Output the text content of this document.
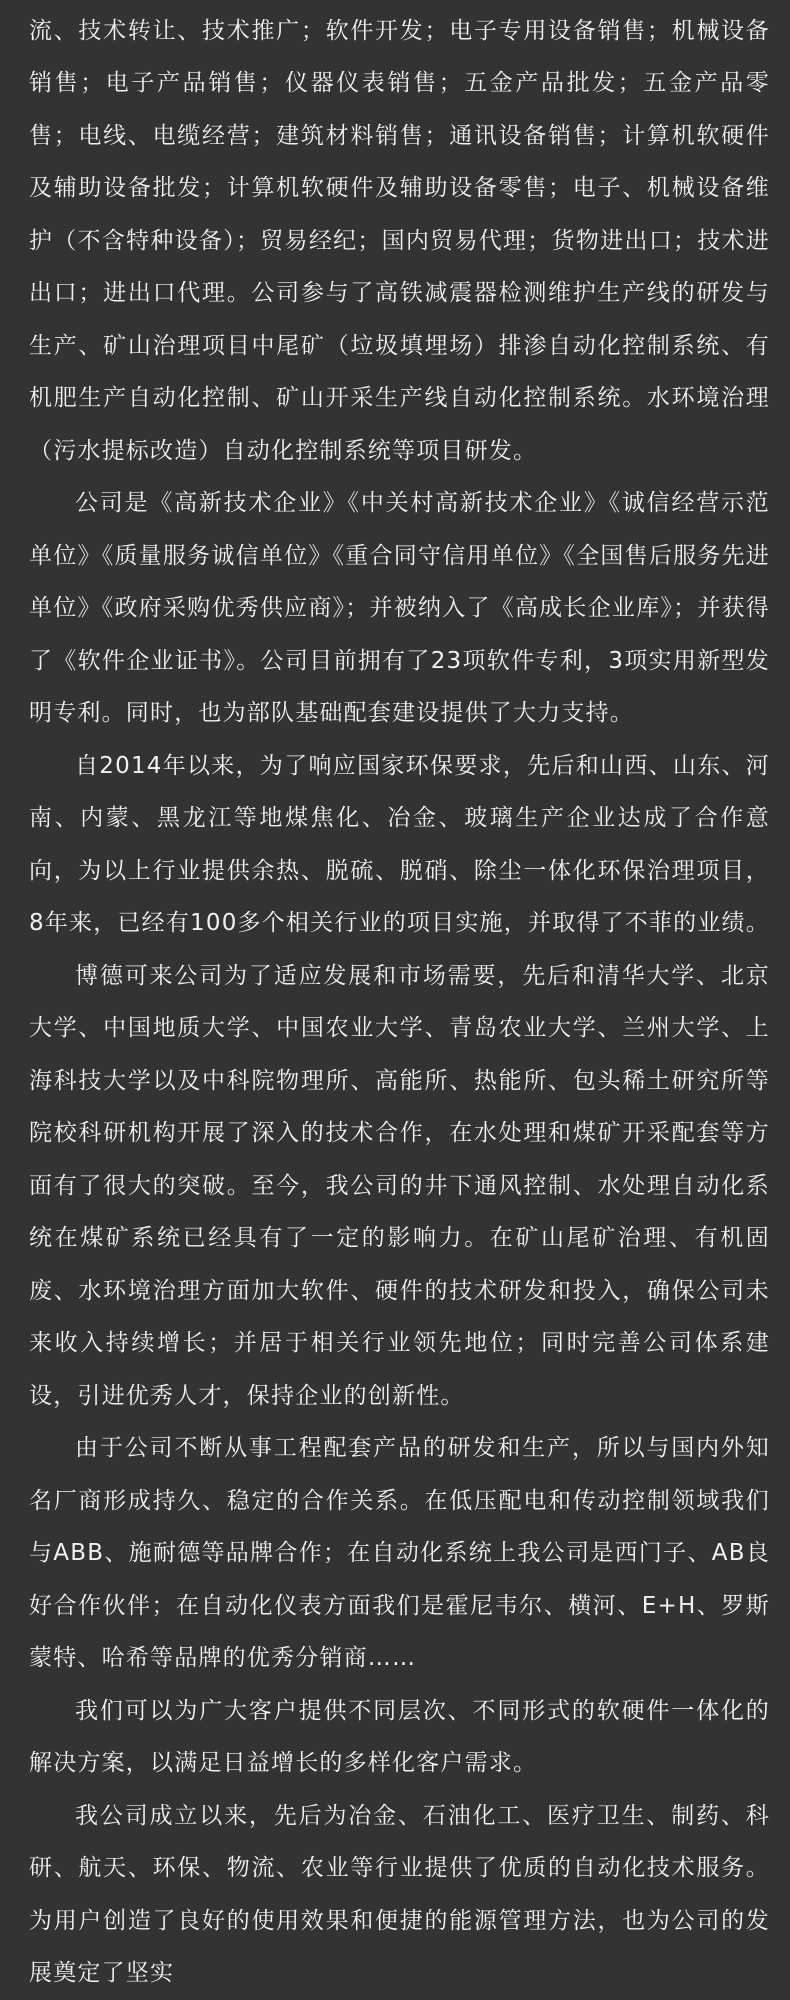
流、技术转让、技术推广；软件开发；电子专用设备销售；机械设备销售；电子产品销售；仪器仪表销售；五金产品批发；五金产品零售；电线、电缆经营；建筑材料销售；通讯设备销售；计算机软硬件及辅助设备批发；计算机软硬件及辅助设备零售；电子、机械设备维护（不含特种设备）；贸易经纪；国内贸易代理；货物进出口；技术进出口；进出口代理。公司参与了高铁减震器检测维护生产线的研发与生产、矿山治理项目中尾矿（垃圾填埋场）排渗自动化控制系统、有机肥生产自动化控制、矿山开采生产线自动化控制系统。水环境治理（污水提标改造）自动化控制系统等项目研发。

公司是《高新技术企业》《中关村高新技术企业》《诚信经营示范单位》《质量服务诚信单位》《重合同守信用单位》《全国售后服务先进单位》《政府采购优秀供应商》；并被纳入了《高成长企业库》；并获得了《软件企业证书》。公司目前拥有了23项软件专利，3项实用新型发明专利。同时，也为部队基础配套建设提供了大力支持。

自2014年以来，为了响应国家环保要求，先后和山西、山东、河南、内蒙、黑龙江等地煤焦化、冶金、玻璃生产企业达成了合作意向，为以上行业提供余热、脱硫、脱硝、除尘一体化环保治理项目，8年来，已经有100多个相关行业的项目实施，并取得了不菲的业绩。

博德可来公司为了适应发展和市场需要，先后和清华大学、北京大学、中国地质大学、中国农业大学、青岛农业大学、兰州大学、上海科技大学以及中科院物理所、高能所、热能所、包头稀土研究所等院校科研机构开展了深入的技术合作，在水处理和煤矿开采配套等方面有了很大的突破。至今，我公司的井下通风控制、水处理自动化系统在煤矿系统已经具有了一定的影响力。在矿山尾矿治理、有机固废、水环境治理方面加大软件、硬件的技术研发和投入，确保公司未来收入持续增长；并居于相关行业领先地位；同时完善公司体系建设，引进优秀人才，保持企业的创新性。

由于公司不断从事工程配套产品的研发和生产，所以与国内外知名厂商形成持久、稳定的合作关系。在低压配电和传动控制领域我们与ABB、施耐德等品牌合作；在自动化系统上我公司是西门子、AB良好合作伙伴；在自动化仪表方面我们是霍尼韦尔、横河、E+H、罗斯蒙特、哈希等品牌的优秀分销商……

我们可以为广大客户提供不同层次、不同形式的软硬件一体化的解决方案，以满足日益增长的多样化客户需求。

我公司成立以来，先后为冶金、石油化工、医疗卫生、制药、科研、航天、环保、物流、农业等行业提供了优质的自动化技术服务。为用户创造了良好的使用效果和便捷的能源管理方法，也为公司的发展奠定了坚实
